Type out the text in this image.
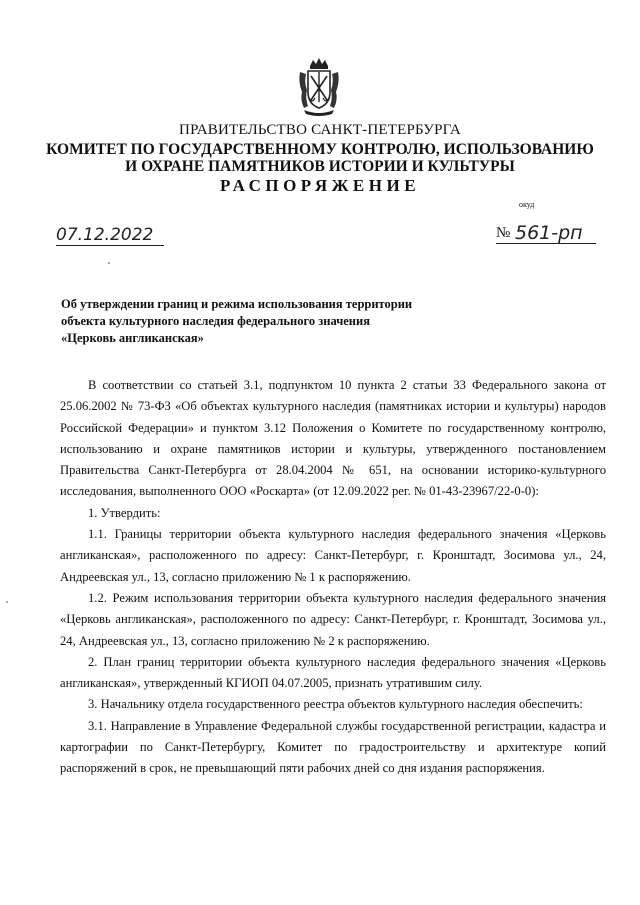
ПРАВИТЕЛЬСТВО САНКТ-ПЕТЕРБУРГА
КОМИТЕТ ПО ГОСУДАРСТВЕННОМУ КОНТРОЛЮ, ИСПОЛЬЗОВАНИЮ
И ОХРАНЕ ПАМЯТНИКОВ ИСТОРИИ И КУЛЬТУРЫ
РАСПОРЯЖЕНИЕ
окуд
07.12.2022	№ 561-рп
Об утверждении границ и режима использования территории
объекта культурного наследия федерального значения
«Церковь англиканская»

В соответствии со статьей 3.1, подпунктом 10 пункта 2 статьи 33 Федерального закона от 25.06.2002 № 73-ФЗ «Об объектах культурного наследия (памятниках истории и культуры) народов Российской Федерации» и пунктом 3.12 Положения о Комитете по государственному контролю, использованию и охране памятников истории и культуры, утвержденного постановлением Правительства Санкт-Петербурга от 28.04.2004 № 651, на основании историко-культурного исследования, выполненного ООО «Роскарта» (от 12.09.2022 рег. № 01-43-23967/22-0-0):

1. Утвердить:

1.1. Границы территории объекта культурного наследия федерального значения «Церковь англиканская», расположенного по адресу: Санкт-Петербург, г. Кронштадт, Зосимова ул., 24, Андреевская ул., 13, согласно приложению № 1 к распоряжению.

1.2. Режим использования территории объекта культурного наследия федерального значения «Церковь англиканская», расположенного по адресу: Санкт-Петербург, г. Кронштадт, Зосимова ул., 24, Андреевская ул., 13, согласно приложению № 2 к распоряжению.

2. План границ территории объекта культурного наследия федерального значения «Церковь англиканская», утвержденный КГИОП 04.07.2005, признать утратившим силу.

3. Начальнику отдела государственного реестра объектов культурного наследия обеспечить:

3.1. Направление в Управление Федеральной службы государственной регистрации, кадастра и картографии по Санкт-Петербургу, Комитет по градостроительству и архитектуре копий распоряжений в срок, не превышающий пяти рабочих дней со дня издания распоряжения.
